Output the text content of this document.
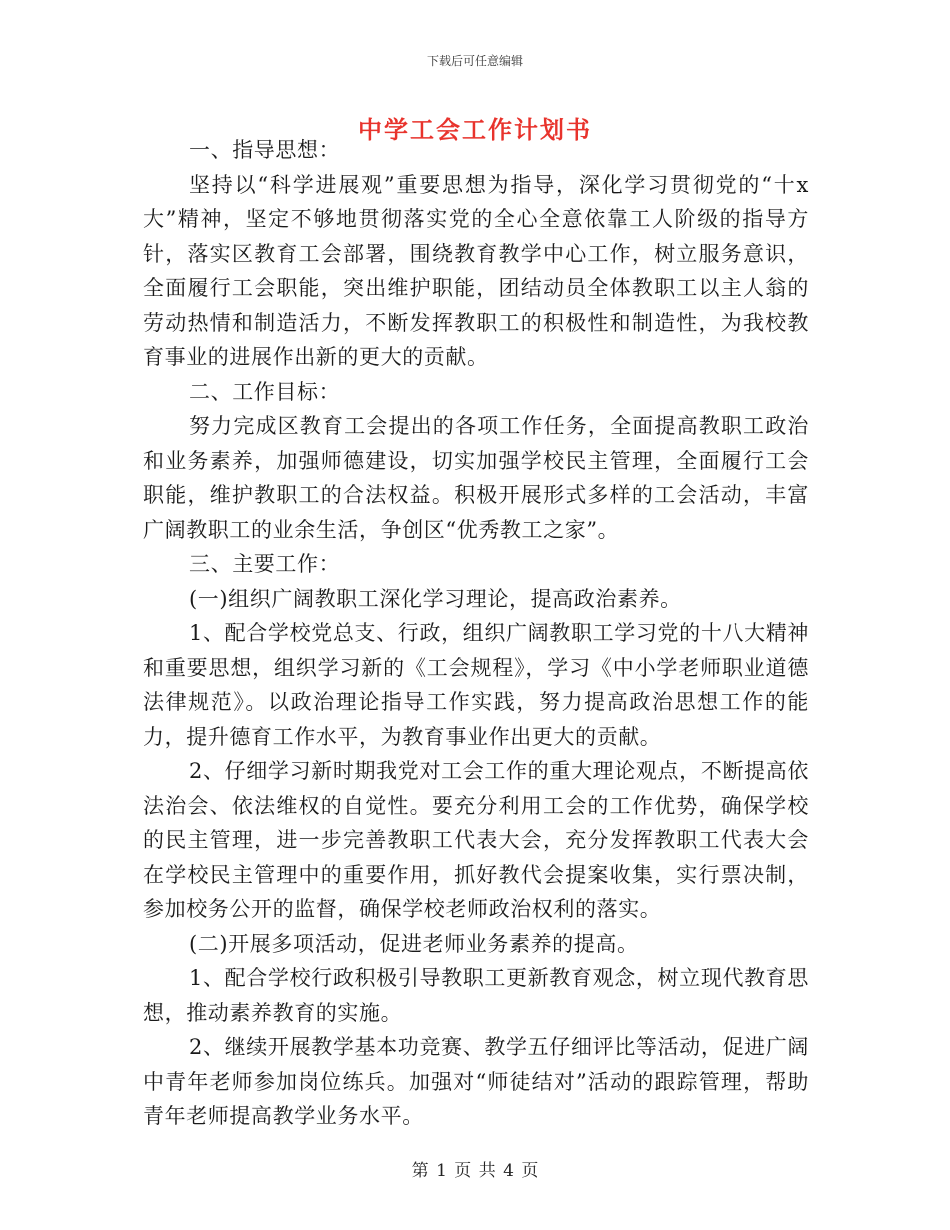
下载后可任意编辑
中学工会工作计划书

一、指导思想：

坚持以“科学进展观”重要思想为指导，深化学习贯彻党的“十x大”精神，坚定不够地贯彻落实党的全心全意依靠工人阶级的指导方针，落实区教育工会部署，围绕教育教学中心工作，树立服务意识，全面履行工会职能，突出维护职能，团结动员全体教职工以主人翁的劳动热情和制造活力，不断发挥教职工的积极性和制造性，为我校教育事业的进展作出新的更大的贡献。

二、工作目标：

努力完成区教育工会提出的各项工作任务，全面提高教职工政治和业务素养，加强师德建设，切实加强学校民主管理，全面履行工会职能，维护教职工的合法权益。积极开展形式多样的工会活动，丰富广阔教职工的业余生活，争创区“优秀教工之家”。

三、主要工作：

(一)组织广阔教职工深化学习理论，提高政治素养。

1、配合学校党总支、行政，组织广阔教职工学习党的十八大精神和重要思想，组织学习新的《工会规程》，学习《中小学老师职业道德法律规范》。以政治理论指导工作实践，努力提高政治思想工作的能力，提升德育工作水平，为教育事业作出更大的贡献。

2、仔细学习新时期我党对工会工作的重大理论观点，不断提高依法治会、依法维权的自觉性。要充分利用工会的工作优势，确保学校的民主管理，进一步完善教职工代表大会，充分发挥教职工代表大会在学校民主管理中的重要作用，抓好教代会提案收集，实行票决制，参加校务公开的监督，确保学校老师政治权利的落实。

(二)开展多项活动，促进老师业务素养的提高。

1、配合学校行政积极引导教职工更新教育观念，树立现代教育思想，推动素养教育的实施。

2、继续开展教学基本功竞赛、教学五仔细评比等活动，促进广阔中青年老师参加岗位练兵。加强对“师徒结对”活动的跟踪管理，帮助青年老师提高教学业务水平。

第 1 页 共 4 页
